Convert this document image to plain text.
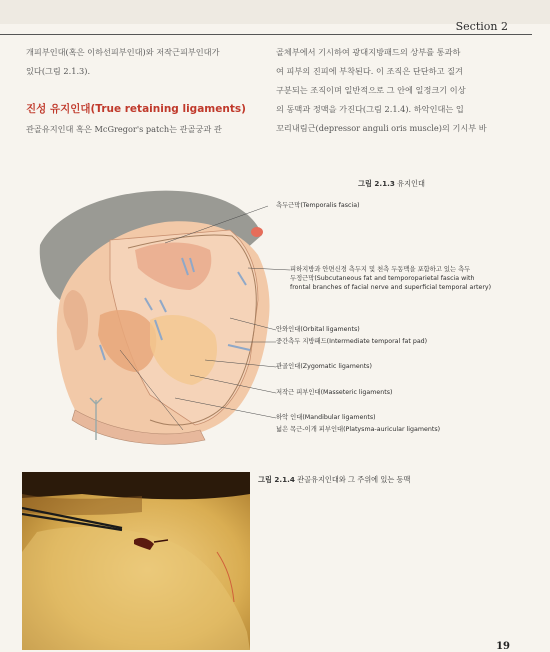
Section 2
개피부인대(혹은 이하선피부인대)와 저작근피부인대가
있다(그림 2.1.3).
진성 유지인대(True retaining ligaments)
관골유지인대 혹은 McGregor's patch는 관골궁과 관
골체부에서 기시하여 광대지방패드의 상부를 통과하
여 피부의 진피에 부착된다. 이 조직은 단단하고 질겨
구분되는 조직이며 일반적으로 그 안에 일정크기 이상
의 동맥과 정맥을 가진다(그림 2.1.4). 하악인대는 입
꼬리내림근(depressor anguli oris muscle)의 기시부 바
그림 2.1.3 유지인대
측두근막(Temporalis fascia)
피하지방과 안면신경 측두지 및 천측 두동맥을 포함하고 있는 측두
두정근막(Subcutaneous fat and temporoparietal fascia with
frontal branches of facial nerve and superficial temporal artery)
안와인대(Orbital ligaments)
중간측두 지방패드(Intermediate temporal fat pad)
관골인대(Zygomatic ligaments)
저작근 피부인대(Masseteric ligaments)
하악 인대(Mandibular ligaments)
넓은 목근-이개 피부인대(Platysma-auricular ligaments)
그림 2.1.4 관골유지인대와 그 주위에 있는 동맥
19
